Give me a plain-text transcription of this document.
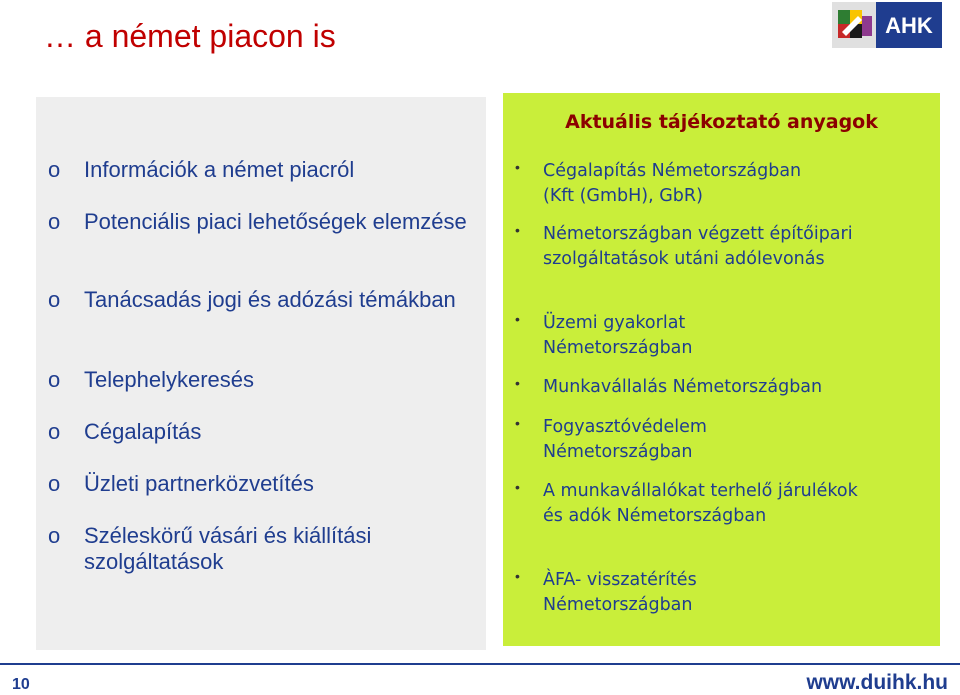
… a német piacon is	AHK
o Információk a német piacról
o Potenciális piaci lehetőségek elemzése
o Tanácsadás jogi és adózási témákban
o Telephelykeresés
o Cégalapítás
o Üzleti partnerközvetítés
o Széleskörű vásári és kiállítási szolgáltatások
Aktuális tájékoztató anyagok
• Cégalapítás Németországban
(Kft (GmbH), GbR)
• Németországban végzett építőipari szolgáltatások utáni adólevonás
• Üzemi gyakorlat Németországban
• Munkavállalás Németországban
• Fogyasztóvédelem Németországban
• A munkavállalókat terhelő járulékok és adók Németországban
• ÀFA- visszatérítés Németországban
10	www.duihk.hu
